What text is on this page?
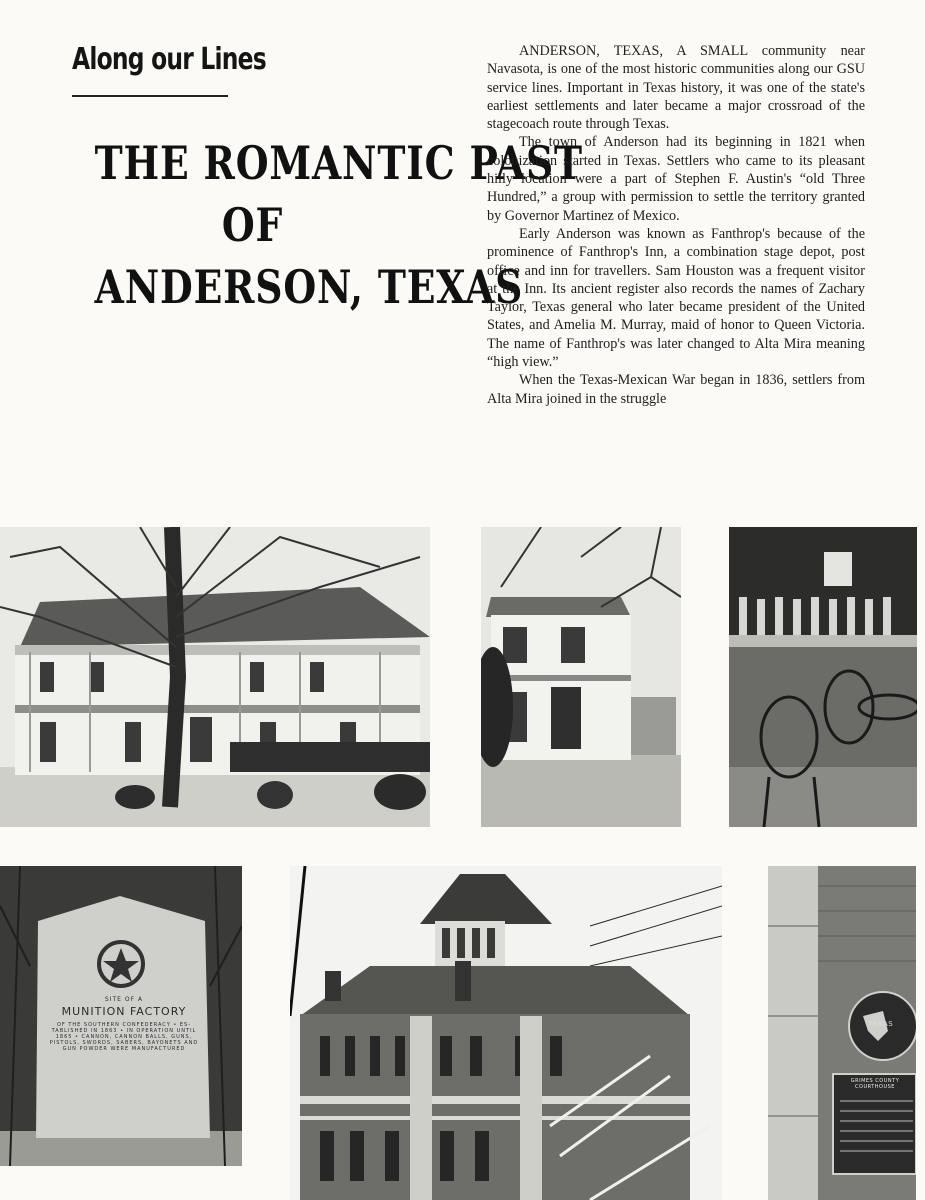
Along our Lines
THE ROMANTIC PAST
OF
ANDERSON, TEXAS

ANDERSON, TEXAS, A SMALL community near Navasota, is one of the most historic communities along our GSU service lines. Important in Texas history, it was one of the state's earliest settlements and later became a major crossroad of the stagecoach route through Texas.

The town of Anderson had its beginning in 1821 when colonization started in Texas. Settlers who came to its pleasant hilly location were a part of Stephen F. Austin's “old Three Hundred,” a group with permission to settle the territory granted by Governor Martinez of Mexico.

Early Anderson was known as Fanthrop's because of the prominence of Fanthrop's Inn, a combination stage depot, post office and inn for travellers. Sam Houston was a frequent visitor at the Inn. Its ancient register also records the names of Zachary Taylor, Texas general who later became president of the United States, and Amelia M. Murray, maid of honor to Queen Victoria. The name of Fanthrop's was later changed to Alta Mira meaning “high view.”

When the Texas-Mexican War began in 1836, settlers from Alta Mira joined in the struggle

SITE OF A
MUNITION FACTORY
OF THE SOUTHERN CONFEDERACY • ES-
TABLISHED IN 1863 • IN OPERATION UNTIL
1865 • CANNON, CANNON BALLS, GUNS,
PISTOLS, SWORDS, SABERS, BAYONETS AND
GUN POWDER WERE MANUFACTURED
TEXAS
GRIMES COUNTY COURTHOUSE
